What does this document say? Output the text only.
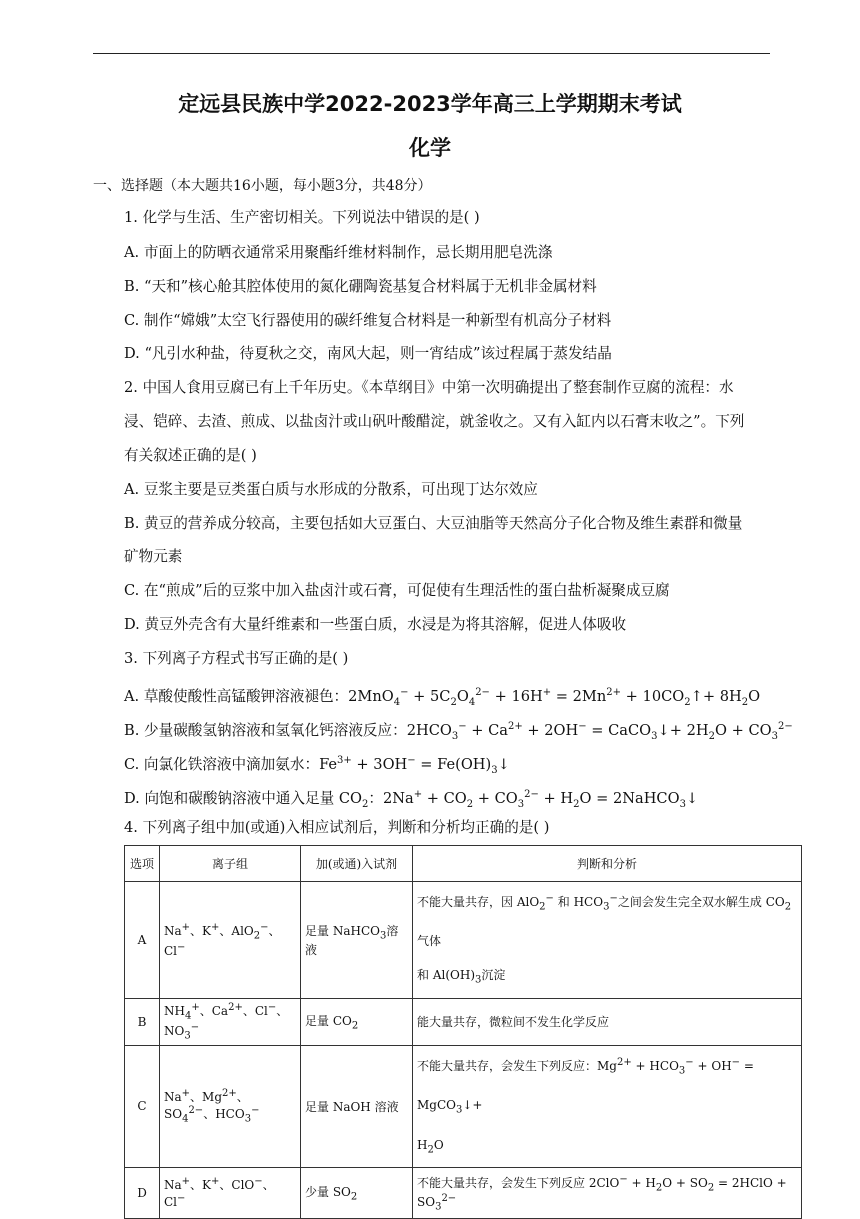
定远县民族中学2022-2023学年高三上学期期末考试
化学
一、选择题（本大题共16小题，每小题3分，共48分）
1. 化学与生活、生产密切相关。下列说法中错误的是( )
A. 市面上的防晒衣通常采用聚酯纤维材料制作，忌长期用肥皂洗涤
B. “天和”核心舱其腔体使用的氮化硼陶瓷基复合材料属于无机非金属材料
C. 制作“嫦娥”太空飞行器使用的碳纤维复合材料是一种新型有机高分子材料
D. “凡引水种盐，待夏秋之交，南风大起，则一宵结成”该过程属于蒸发结晶
2. 中国人食用豆腐已有上千年历史。《本草纲目》中第一次明确提出了整套制作豆腐的流程：水
浸、铠碎、去渣、煎成、以盐卤汁或山矾叶酸醋淀，就釜收之。又有入缸内以石膏末收之”。下列
有关叙述正确的是( )
A. 豆浆主要是豆类蛋白质与水形成的分散系，可出现丁达尔效应
B. 黄豆的营养成分较高，主要包括如大豆蛋白、大豆油脂等天然高分子化合物及维生素群和微量
矿物元素
C. 在“煎成”后的豆浆中加入盐卤汁或石膏，可促使有生理活性的蛋白盐析凝聚成豆腐
D. 黄豆外壳含有大量纤维素和一些蛋白质，水浸是为将其溶解，促进人体吸收
3. 下列离子方程式书写正确的是( )
A. 草酸使酸性高锰酸钾溶液褪色：$2MnO_4^- + 5C_2O_4^{2-} + 16H^+ = 2Mn^{2+}$ + $10CO_2↑+ 8H_2O$
B. 少量碳酸氢钠溶液和氢氧化钙溶液反应：$2HCO_3^- + Ca^{2+} + 2OH^-$ = CaCO$_3$↓+ $2H_2O + CO_3^{2-}$
C. 向氯化铁溶液中滴加氨水：$Fe^{3+} + 3OH^-$ = $Fe(OH)_3↓$
D. 向饱和碳酸钠溶液中通入足量 $CO_2$：$2Na^+ + CO_2 + CO_3^{2-} + H_2O$ = 2NaHCO$_3$↓
4. 下列离子组中加(或通)入相应试剂后，判断和分析均正确的是( )
选项	离子组	加(或通)入试剂	判断和分析
A	Na+、K+、AlO$_2$−、Cl−	足量 NaHCO$_3$溶液	不能大量共存，因 AlO$_2$− 和 $HCO_3^-$之间会发生完全双水解生成 $CO_2$气体
和 $Al(OH)_3$沉淀
B	$NH_4^+$、$Ca^{2+}$、Cl−、$NO_3^-$	足量 $CO_2$	能大量共存，微粒间不发生化学反应
C	Na+、$Mg^{2+}$、$SO_4^{2-}$、$HCO_3^-$	足量 NaOH 溶液	不能大量共存，会发生下列反应：$Mg^{2+} + HCO_3^- + OH^-$ = MgCO$_3$↓+
$H_2O$
D	Na+、K+、ClO−、Cl−	少量 $SO_2$	不能大量共存，会发生下列反应 $2ClO^- + H_2O + SO_2$ = 2HClO + $SO_3^{2-}$
